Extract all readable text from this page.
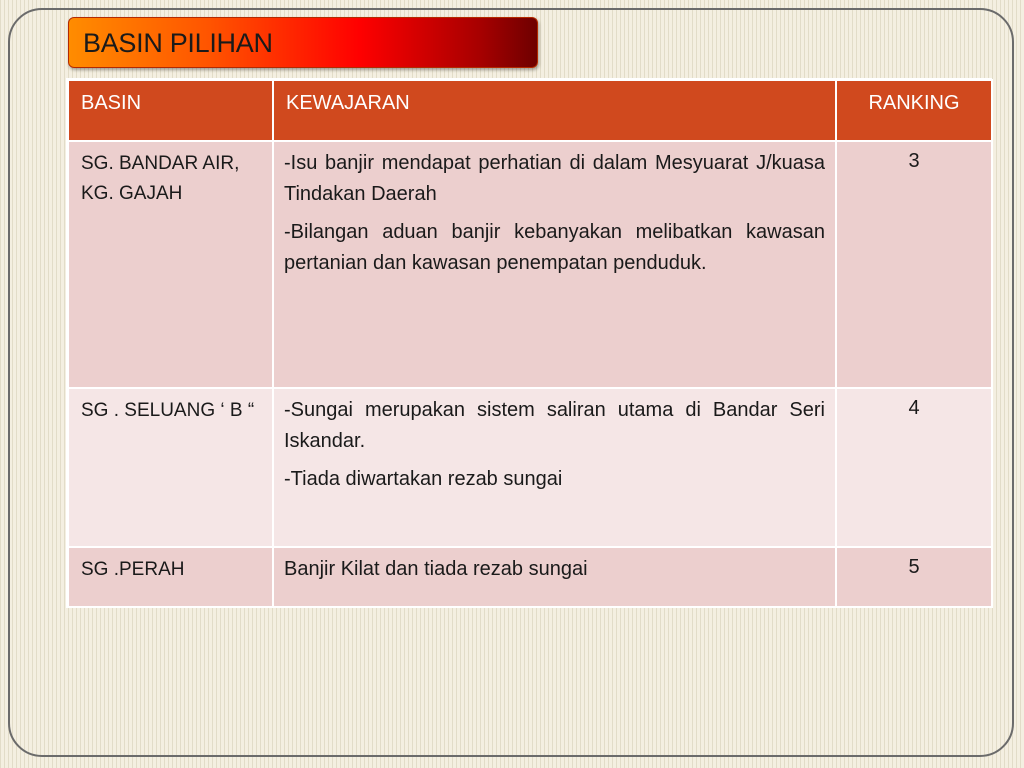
BASIN PILIHAN
BASIN	KEWAJARAN	RANKING
SG. BANDAR AIR, KG. GAJAH	-Isu banjir mendapat perhatian di dalam Mesyuarat J/kuasa Tindakan Daerah

-Bilangan aduan banjir kebanyakan melibatkan kawasan pertanian dan kawasan penempatan penduduk.	3
SG . SELUANG ‘ B “	-Sungai merupakan sistem saliran utama di Bandar Seri Iskandar.

-Tiada diwartakan rezab sungai	4
SG .PERAH	Banjir Kilat dan tiada rezab sungai	5
